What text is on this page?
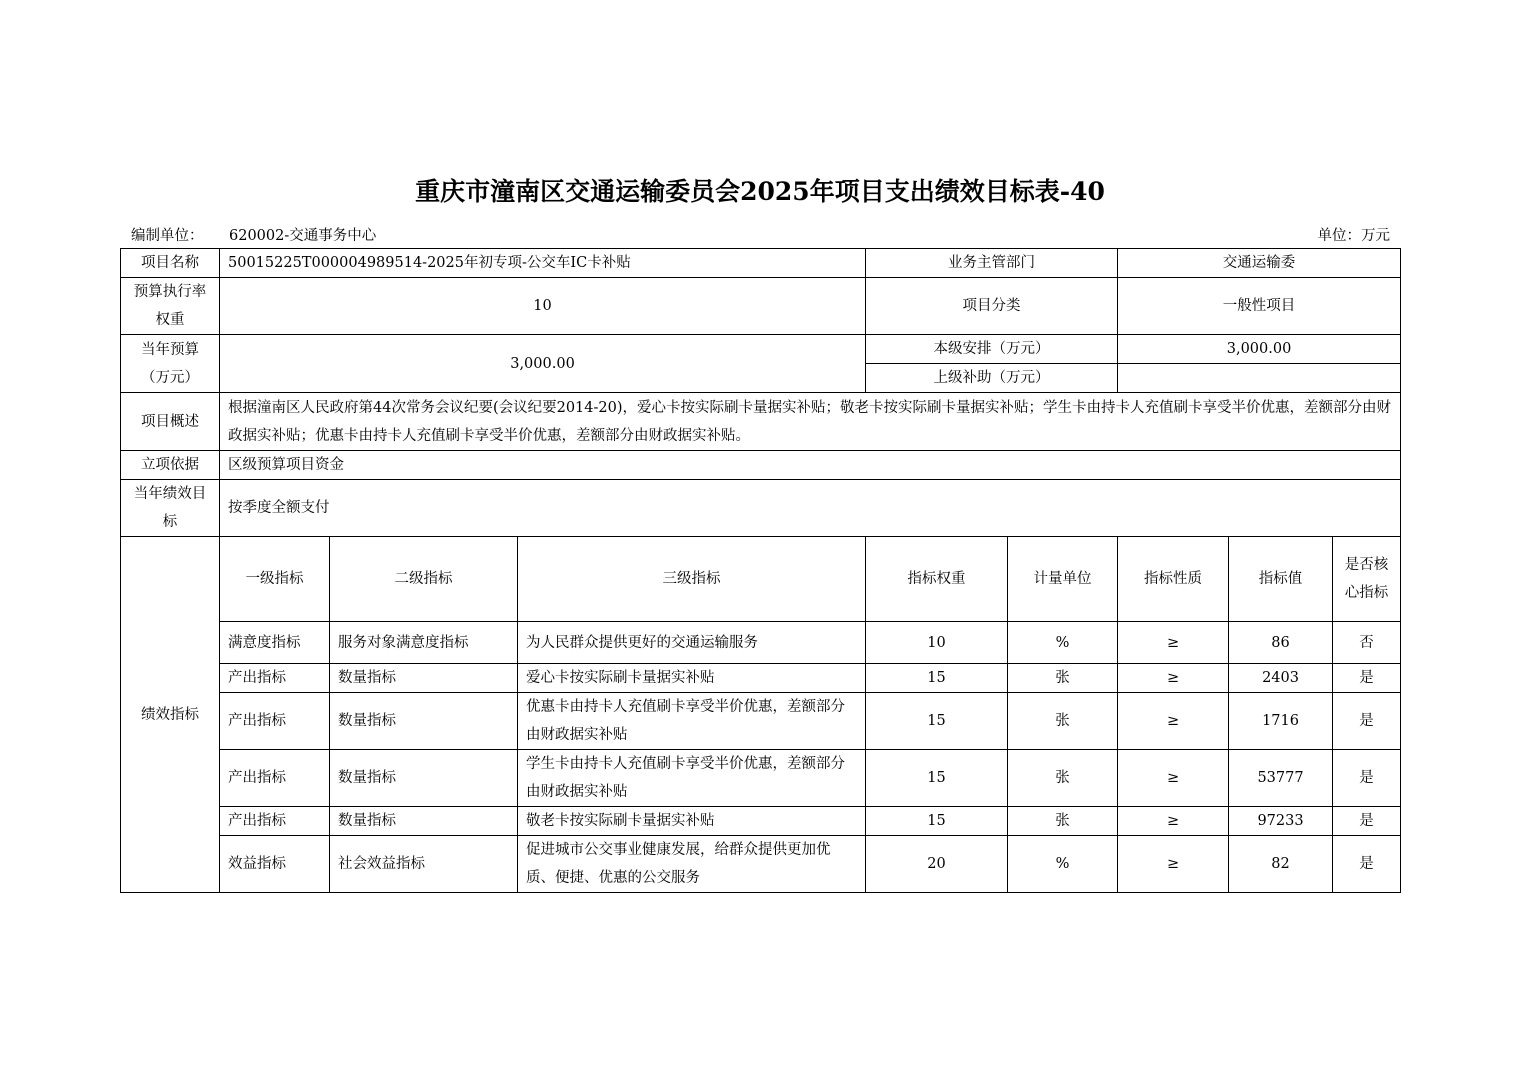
重庆市潼南区交通运输委员会2025年项目支出绩效目标表-40
编制单位： 620002-交通事务中心	单位：万元
项目名称	50015225T000004989514-2025年初专项-公交车IC卡补贴			业务主管部门		交通运输委		
预算执行率权重	10			项目分类		一般性项目		
当年预算（万元）	3,000.00			本级安排（万元）		3,000.00		
				上级补助（万元）				
项目概述	根据潼南区人民政府第44次常务会议纪要(会议纪要2014-20)，爱心卡按实际刷卡量据实补贴；敬老卡按实际刷卡量据实补贴；学生卡由持卡人充值刷卡享受半价优惠，差额部分由财政据实补贴；优惠卡由持卡人充值刷卡享受半价优惠，差额部分由财政据实补贴。							
立项依据	区级预算项目资金							
当年绩效目标	按季度全额支付							
绩效指标	一级指标	二级指标	三级指标	指标权重	计量单位	指标性质	指标值	是否核心指标
	满意度指标	服务对象满意度指标	为人民群众提供更好的交通运输服务	10	%	≥	86	否
	产出指标	数量指标	爱心卡按实际刷卡量据实补贴	15	张	≥	2403	是
	产出指标	数量指标	优惠卡由持卡人充值刷卡享受半价优惠，差额部分由财政据实补贴	15	张	≥	1716	是
	产出指标	数量指标	学生卡由持卡人充值刷卡享受半价优惠，差额部分由财政据实补贴	15	张	≥	53777	是
	产出指标	数量指标	敬老卡按实际刷卡量据实补贴	15	张	≥	97233	是
	效益指标	社会效益指标	促进城市公交事业健康发展，给群众提供更加优质、便捷、优惠的公交服务	20	%	≥	82	是
